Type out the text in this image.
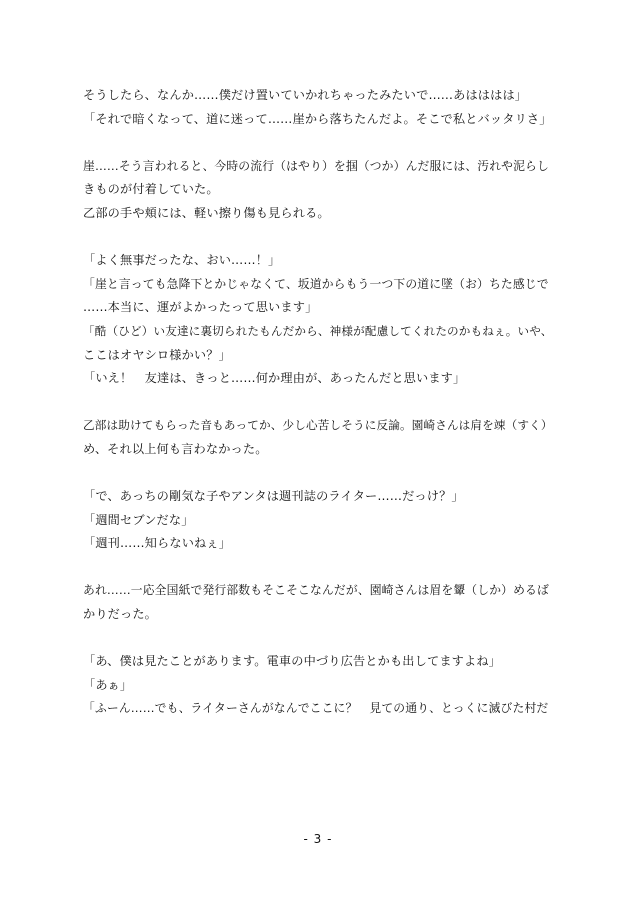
そうしたら、なんか……僕だけ置いていかれちゃったみたいで……あはははは」
「それで暗くなって、道に迷って……崖から落ちたんだよ。そこで私とバッタリさ」
崖……そう言われると、今時の流行（はやり）を掴（つか）んだ服には、汚れや泥らし
きものが付着していた。
乙部の手や頬には、軽い擦り傷も見られる。
「よく無事だったな、おい……！」
「崖と言っても急降下とかじゃなくて、坂道からもう一つ下の道に墜（お）ちた感じで
……本当に、運がよかったって思います」
「酷（ひど）い友達に裏切られたもんだから、神様が配慮してくれたのかもねぇ。いや、
ここはオヤシロ様かい？」
「いえ！　友達は、きっと……何か理由が、あったんだと思います」
乙部は助けてもらった音もあってか、少し心苦しそうに反論。園崎さんは肩を竦（すく）
め、それ以上何も言わなかった。
「で、あっちの剛気な子やアンタは週刊誌のライター……だっけ？」
「週間セブンだな」
「週刊……知らないねぇ」
あれ……一応全国紙で発行部数もそこそこなんだが、園崎さんは眉を顰（しか）めるば
かりだった。
「あ、僕は見たことがあります。電車の中づり広告とかも出してますよね」
「あぁ」
「ふーん……でも、ライターさんがなんでここに？　見ての通り、とっくに滅びた村だ
- 3 -
